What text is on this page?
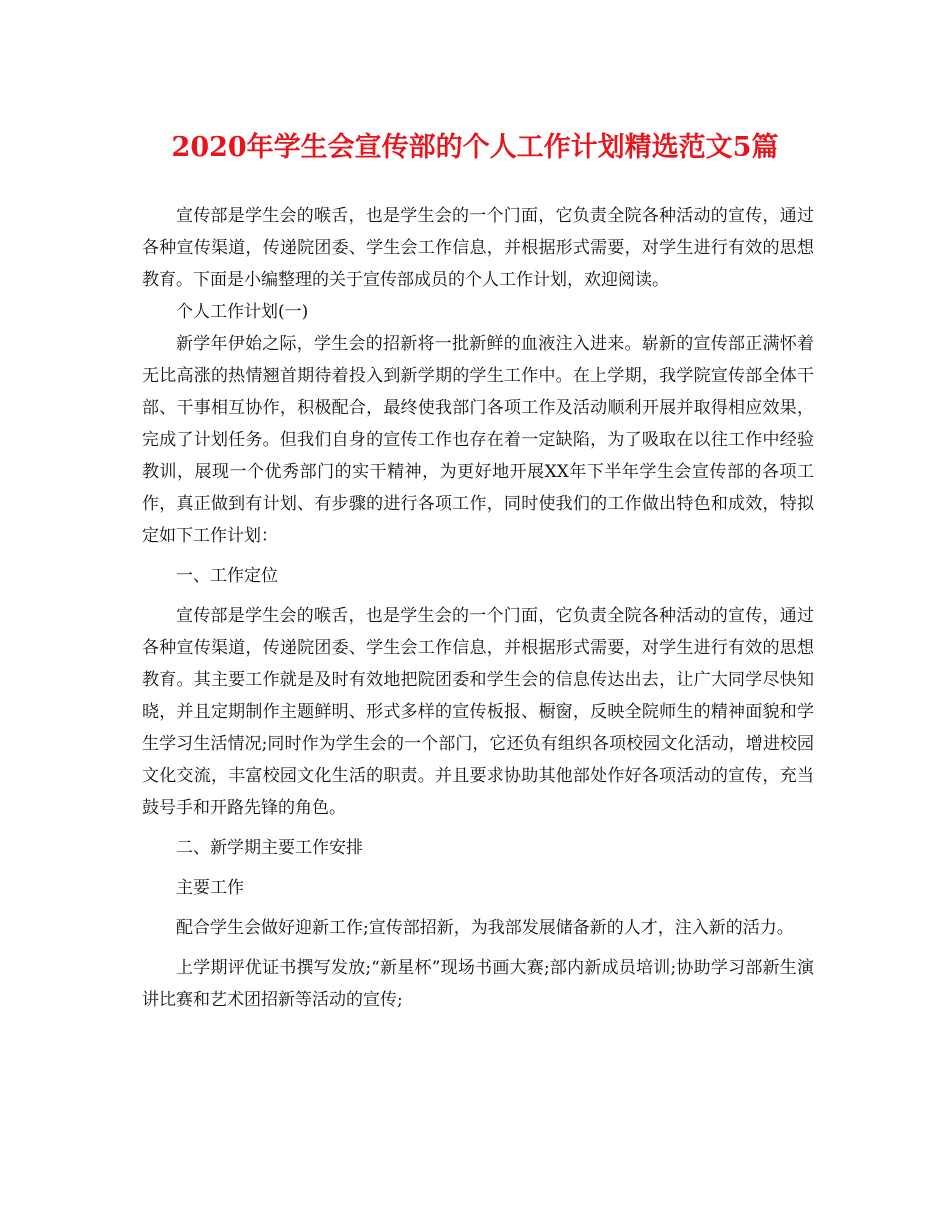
2020年学生会宣传部的个人工作计划精选范文5篇

宣传部是学生会的喉舌，也是学生会的一个门面，它负责全院各种活动的宣传，通过各种宣传渠道，传递院团委、学生会工作信息，并根据形式需要，对学生进行有效的思想教育。下面是小编整理的关于宣传部成员的个人工作计划，欢迎阅读。

个人工作计划(一)

新学年伊始之际，学生会的招新将一批新鲜的血液注入进来。崭新的宣传部正满怀着无比高涨的热情翘首期待着投入到新学期的学生工作中。在上学期，我学院宣传部全体干部、干事相互协作，积极配合，最终使我部门各项工作及活动顺利开展并取得相应效果，完成了计划任务。但我们自身的宣传工作也存在着一定缺陷，为了吸取在以往工作中经验教训，展现一个优秀部门的实干精神，为更好地开展XX年下半年学生会宣传部的各项工作，真正做到有计划、有步骤的进行各项工作，同时使我们的工作做出特色和成效，特拟定如下工作计划：

一、工作定位

宣传部是学生会的喉舌，也是学生会的一个门面，它负责全院各种活动的宣传，通过各种宣传渠道，传递院团委、学生会工作信息，并根据形式需要，对学生进行有效的思想教育。其主要工作就是及时有效地把院团委和学生会的信息传达出去，让广大同学尽快知晓，并且定期制作主题鲜明、形式多样的宣传板报、橱窗，反映全院师生的精神面貌和学生学习生活情况;同时作为学生会的一个部门，它还负有组织各项校园文化活动，增进校园文化交流，丰富校园文化生活的职责。并且要求协助其他部处作好各项活动的宣传，充当鼓号手和开路先锋的角色。

二、新学期主要工作安排

主要工作

配合学生会做好迎新工作;宣传部招新，为我部发展储备新的人才，注入新的活力。

上学期评优证书撰写发放;“新星杯”现场书画大赛;部内新成员培训;协助学习部新生演讲比赛和艺术团招新等活动的宣传;
